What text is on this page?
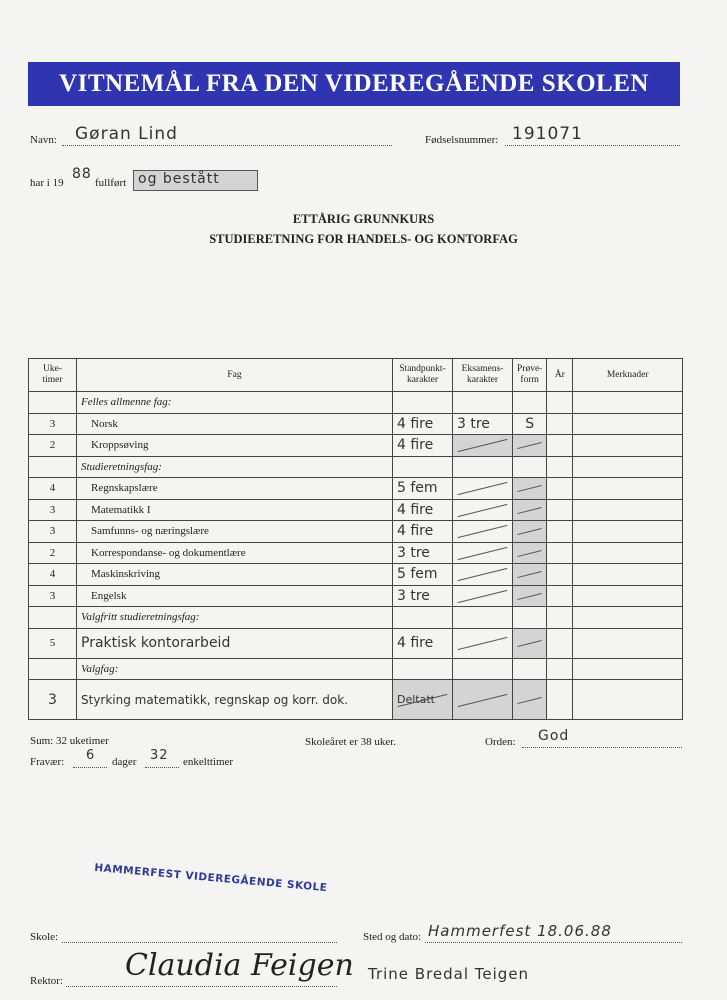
VITNEMÅL FRA DEN VIDEREGÅENDE SKOLEN
Navn: Gøran Lind	Fødselsnummer: 191071
har i 19
88
fullført og bestått
ETTÅRIG GRUNNKURS
STUDIERETNING FOR HANDELS- OG KONTORFAG
Uke-timer	Fag	Standpunkt-karakter	Eksamens-karakter	Prøve-form	År	Merknader
	Felles allmenne fag:					
3	Norsk	4 fire	3 tre	S		
2	Kroppsøving	4 fire				
	Studieretningsfag:					
4	Regnskapslære	5 fem				
3	Matematikk I	4 fire				
3	Samfunns- og næringslære	4 fire				
2	Korrespondanse- og dokumentlære	3 tre				
4	Maskinskriving	5 fem				
3	Engelsk	3 tre				
	Valgfritt studieretningsfag:					
5	Praktisk kontorarbeid	4 fire				
	Valgfag:					
3	Styrking matematikk, regnskap og korr. dok.	Deltatt				
Sum: 32 uketimer	Skoleåret er 38 uker.	Orden: God
Fravær: 6 dager 32 enkelttimer
HAMMERFEST VIDEREGÅENDE SKOLE
Skole:	Sted og dato: Hammerfest 18.06.88
Rektor: Claudia Feigen Trine Bredal Teigen
